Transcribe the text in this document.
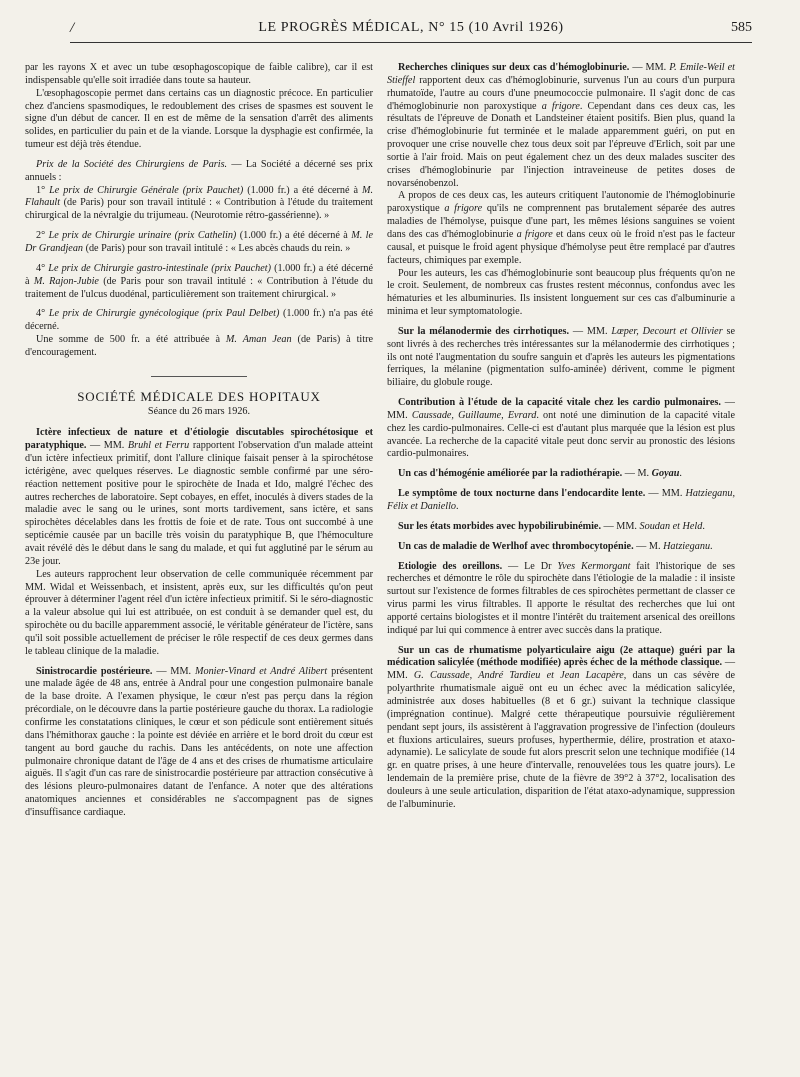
/	LE PROGRÈS MÉDICAL, N° 15 (10 Avril 1926)	585

par les rayons X et avec un tube œsophagoscopique de faible calibre), car il est indispensable qu'elle soit irradiée dans toute sa hauteur.

L'œsophagoscopie permet dans certains cas un diagnostic précoce. En particulier chez d'anciens spasmodiques, le redoublement des crises de spasmes est souvent le signe d'un début de cancer. Il en est de même de la sensation d'arrêt des aliments solides, en particulier du pain et de la viande. Lorsque la dysphagie est confirmée, la tumeur est déjà très étendue.

Prix de la Société des Chirurgiens de Paris. — La Société a décerné ses prix annuels :

1° Le prix de Chirurgie Générale (prix Pauchet) (1.000 fr.) a été décerné à M. Flahault (de Paris) pour son travail intitulé : « Contribution à l'étude du traitement chirurgical de la névralgie du trijumeau. (Neurotomie rétro-gassérienne). »

2° Le prix de Chirurgie urinaire (prix Cathelin) (1.000 fr.) a été décerné à M. le Dr Grandjean (de Paris) pour son travail intitulé : « Les abcès chauds du rein. »

4° Le prix de Chirurgie gastro-intestinale (prix Pauchet) (1.000 fr.) a été décerné à M. Rajon-Jubie (de Paris pour son travail intitulé : « Contribution à l'étude du traitement de l'ulcus duodénal, particulièrement son traitement chirurgical. »

4° Le prix de Chirurgie gynécologique (prix Paul Delbet) (1.000 fr.) n'a pas été décerné.

Une somme de 500 fr. a été attribuée à M. Aman Jean (de Paris) à titre d'encouragement.

SOCIÉTÉ MÉDICALE DES HOPITAUX

Séance du 26 mars 1926.

Ictère infectieux de nature et d'étiologie discutables spirochétosique et paratyphique. — MM. Bruhl et Ferru rapportent l'observation d'un malade atteint d'un ictère infectieux primitif, dont l'allure clinique faisait penser à la spirochétose ictérigène, avec quelques réserves. Le diagnostic semble confirmé par une séro-réaction nettement positive pour le spirochète de Inada et Ido, malgré l'échec des autres recherches de laboratoire. Sept cobayes, en effet, inoculés à divers stades de la maladie avec le sang ou le urines, sont morts tardivement, sans ictère, et sans spirochètes décelables dans les frottis de foie et de rate. Tous ont succombé à une septicémie causée par un bacille très voisin du paratyphique B, que l'hémoculture avait révélé dès le début dans le sang du malade, et qui fut agglutiné par le sérum au 23e jour.

Les auteurs rapprochent leur observation de celle communiquée récemment par MM. Widal et Weissenbach, et insistent, après eux, sur les difficultés qu'on peut éprouver à déterminer l'agent réel d'un ictère infectieux primitif. Si le séro-diagnostic a la valeur absolue qui lui est attribuée, on est conduit à se demander quel est, du spirochète ou du bacille apparemment associé, le véritable générateur de l'ictère, sans qu'il soit possible actuellement de préciser le rôle respectif de ces deux germes dans le tableau clinique de la maladie.

Sinistrocardie postérieure. — MM. Monier-Vinard et André Alibert présentent une malade âgée de 48 ans, entrée à Andral pour une congestion pulmonaire banale de la base droite. A l'examen physique, le cœur n'est pas perçu dans la région précordiale, on le découvre dans la partie postérieure gauche du thorax. La radiologie confirme les constatations cliniques, le cœur et son pédicule sont entièrement situés dans l'hémithorax gauche : la pointe est déviée en arrière et le bord droit du cœur est tangent au bord gauche du rachis. Dans les antécédents, on note une affection pulmonaire chronique datant de l'âge de 4 ans et des crises de rhumatisme articulaire aiguës. Il s'agit d'un cas rare de sinistrocardie postérieure par attraction consécutive à des lésions pleuro-pulmonaires datant de l'enfance. A noter que des altérations anatomiques anciennes et considérables ne s'accompagnent pas de signes d'insuffisance cardiaque.

Recherches cliniques sur deux cas d'hémoglobinurie. — MM. P. Emile-Weil et Stieffel rapportent deux cas d'hémoglobinurie, survenus l'un au cours d'un purpura rhumatoïde, l'autre au cours d'une pneumococcie pulmonaire. Il s'agit donc de cas d'hémoglobinurie non paroxystique a frigore. Cependant dans ces deux cas, les résultats de l'épreuve de Donath et Landsteiner étaient positifs. Bien plus, quand la crise d'hémoglobinurie fut terminée et le malade apparemment guéri, on put en provoquer une crise nouvelle chez tous deux soit par l'épreuve d'Erlich, soit par une sortie à l'air froid. Mais on peut également chez un des deux malades susciter des crises d'hémoglobinurie par l'injection intraveineuse de petites doses de novarsénobenzol.

A propos de ces deux cas, les auteurs critiquent l'autonomie de l'hémoglobinurie paroxystique a frigore qu'ils ne comprennent pas brutalement séparée des autres maladies de l'hémolyse, puisque d'une part, les mêmes lésions sanguines se voient dans des cas d'hémoglobinurie a frigore et dans ceux où le froid n'est pas le facteur causal, et puisque le froid agent physique d'hémolyse peut être remplacé par d'autres facteurs, chimiques par exemple.

Pour les auteurs, les cas d'hémoglobinurie sont beaucoup plus fréquents qu'on ne le croit. Seulement, de nombreux cas frustes restent méconnus, confondus avec les hématuries et les albuminuries. Ils insistent longuement sur ces cas d'albuminurie a minima et leur symptomatologie.

Sur la mélanodermie des cirrhotiques. — MM. Lœper, Decourt et Ollivier se sont livrés à des recherches très intéressantes sur la mélanodermie des cirrhotiques ; ils ont noté l'augmentation du soufre sanguin et d'après les auteurs les pigmentations ferriques, la mélanine (pigmentation sulfo-aminée) dérivent, comme le pigment biliaire, du globule rouge.

Contribution à l'étude de la capacité vitale chez les cardio pulmonaires. — MM. Caussade, Guillaume, Evrard. ont noté une diminution de la capacité vitale chez les cardio-pulmonaires. Celle-ci est d'autant plus marquée que la lésion est plus avancée. La recherche de la capacité vitale peut donc servir au pronostic des lésions cardio-pulmonaires.

Un cas d'hémogénie améliorée par la radiothérapie. — M. Goyau.

Le symptôme de toux nocturne dans l'endocardite lente. — MM. Hatzieganu, Félix et Daniello.

Sur les états morbides avec hypobilirubinémie. — MM. Soudan et Held.

Un cas de maladie de Werlhof avec thrombocytopénie. — M. Hatzieganu.

Etiologie des oreillons. — Le Dr Yves Kermorgant fait l'historique de ses recherches et démontre le rôle du spirochète dans l'étiologie de la maladie : il insiste surtout sur l'existence de formes filtrables de ces spirochètes permettant de classer ce virus parmi les virus filtrables. Il apporte le résultat des recherches que lui ont apporté certains biologistes et il montre l'intérêt du traitement arsenical des oreillons indiqué par lui qui commence à entrer avec succès dans la pratique.

Sur un cas de rhumatisme polyarticulaire aigu (2e attaque) guéri par la médication salicylée (méthode modifiée) après échec de la méthode classique. — MM. G. Caussade, André Tardieu et Jean Lacapère, dans un cas sévère de polyarthrite rhumatismale aiguë ont eu un échec avec la médication salicylée, administrée aux doses habituelles (8 et 6 gr.) suivant la technique classique (imprégnation continue). Malgré cette thérapeutique poursuivie régulièrement pendant sept jours, ils assistèrent à l'aggravation progressive de l'infection (douleurs et fluxions articulaires, sueurs profuses, hyperthermie, délire, prostration et ataxo-adynamie). Le salicylate de soude fut alors prescrit selon une technique modifiée (14 gr. en quatre prises, à une heure d'intervalle, renouvelées tous les quatre jours). Le lendemain de la première prise, chute de la fièvre de 39°2 à 37°2, localisation des douleurs à une seule articulation, disparition de l'état ataxo-adynamique, suppression de l'albuminurie.
